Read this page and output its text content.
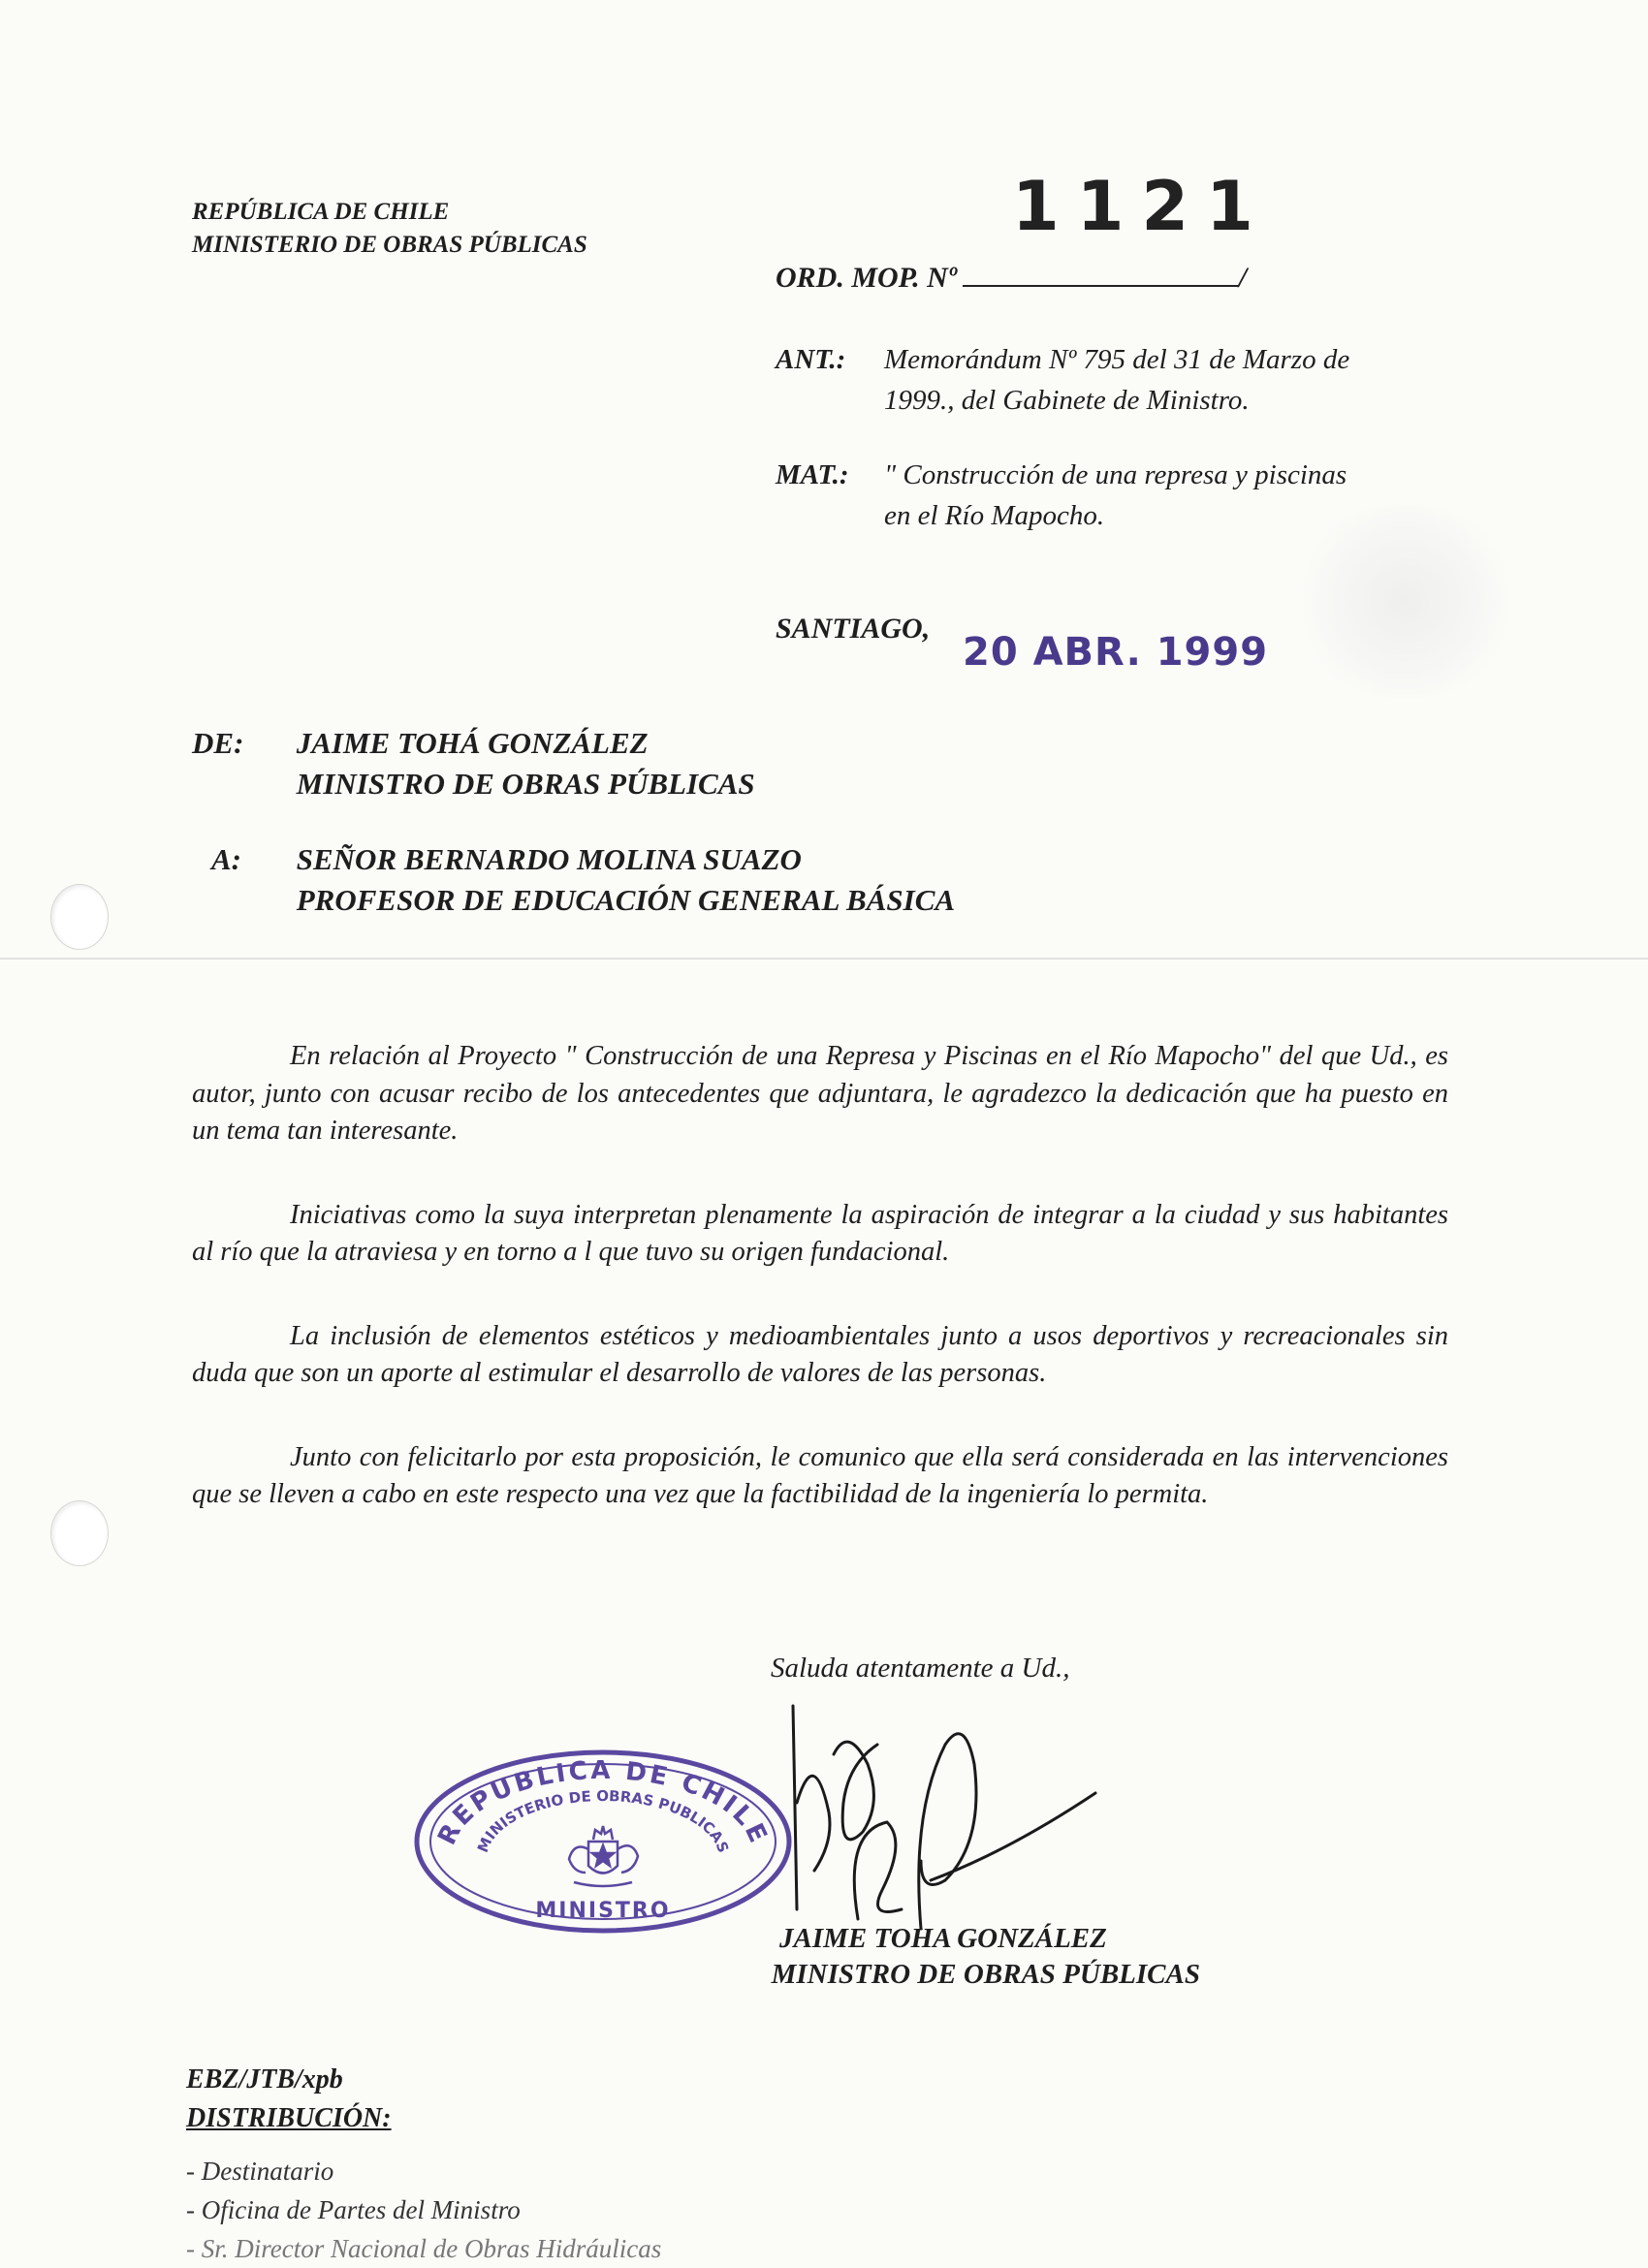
REPÚBLICA DE CHILE
MINISTERIO DE OBRAS PÚBLICAS	1121
ORD. MOP. Nº	/
ANT.: Memorándum Nº 795 del 31 de Marzo de
1999., del Gabinete de Ministro.
MAT.: " Construcción de una represa y piscinas
en el Río Mapocho.
SANTIAGO,
20 ABR. 1999
DE: JAIME TOHÁ GONZÁLEZ
MINISTRO DE OBRAS PÚBLICAS
A: SEÑOR BERNARDO MOLINA SUAZO
PROFESOR DE EDUCACIÓN GENERAL BÁSICA

En relación al Proyecto " Construcción de una Represa y Piscinas en el Río Mapocho" del que Ud., es autor, junto con acusar recibo de los antecedentes que adjuntara, le agradezco la dedicación que ha puesto en un tema tan interesante.

Iniciativas como la suya interpretan plenamente la aspiración de integrar a la ciudad y sus habitantes al río que la atraviesa y en torno a l que tuvo su origen fundacional.

La inclusión de elementos estéticos y medioambientales junto a usos deportivos y recreacionales sin duda que son un aporte al estimular el desarrollo de valores de las personas.

Junto con felicitarlo por esta proposición, le comunico que ella será considerada en las intervenciones que se lleven a cabo en este respecto una vez que la factibilidad de la ingeniería lo permita.

Saluda atentamente a Ud.,
REPUBLICA DE CHILE
MINISTERIO DE OBRAS PUBLICAS
MINISTRO
JAIME TOHA GONZÁLEZ
MINISTRO DE OBRAS PÚBLICAS
EBZ/JTB/xpb
DISTRIBUCIÓN:
- Destinatario
- Oficina de Partes del Ministro
- Sr. Director Nacional de Obras Hidráulicas
